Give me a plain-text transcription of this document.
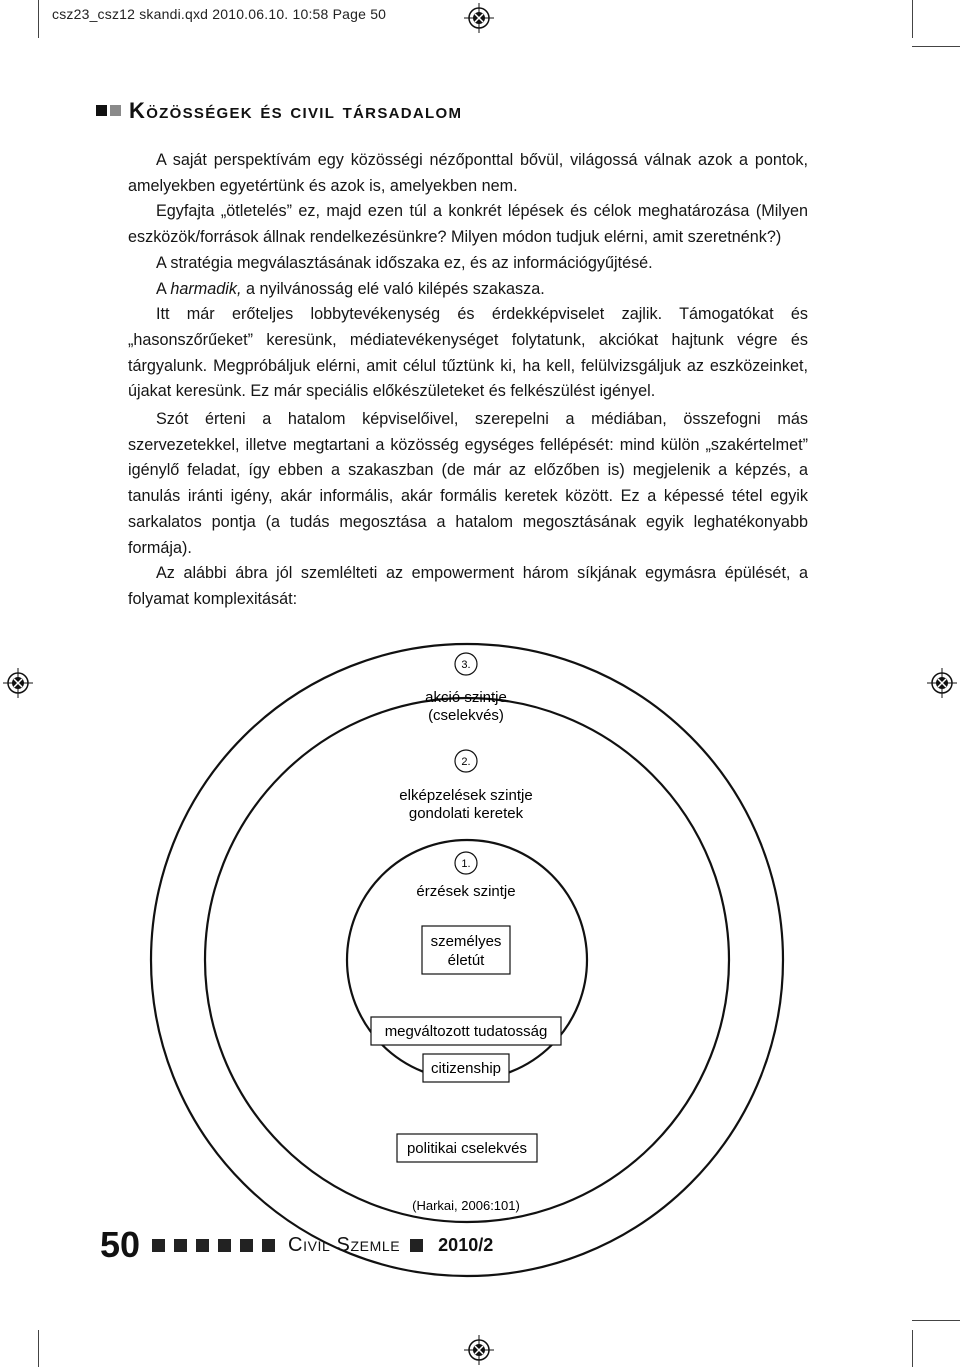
csz23_csz12 skandi.qxd 2010.06.10. 10:58 Page 50
Közösségek és civil társadalom

A saját perspektívám egy közösségi nézőponttal bővül, világossá válnak azok a pontok, amelyekben egyetértünk és azok is, amelyekben nem.

Egyfajta „ötletelés” ez, majd ezen túl a konkrét lépések és célok meghatározása (Milyen eszközök/források állnak rendelkezésünkre? Milyen módon tudjuk elérni, amit szeretnénk?)

A stratégia megválasztásának időszaka ez, és az információgyűjtésé.

A harmadik, a nyilvánosság elé való kilépés szakasza.

Itt már erőteljes lobbytevékenység és érdekképviselet zajlik. Támogatókat és „hasonszőrűeket” keresünk, médiatevékenységet folytatunk, akciókat hajtunk végre és tárgyalunk. Megpróbáljuk elérni, amit célul tűztünk ki, ha kell, felülvizsgáljuk az eszközeinket, újakat keresünk. Ez már speciális előkészületeket és felkészülést igényel.

Szót érteni a hatalom képviselőivel, szerepelni a médiában, összefogni más szervezetekkel, illetve megtartani a közösség egységes fellépését: mind külön „szakértelmet” igénylő feladat, így ebben a szakaszban (de már az előzőben is) megjelenik a képzés, a tanulás iránti igény, akár informális, akár formális keretek között. Ez a képessé tétel egyik sarkalatos pontja (a tudás megosztása a hatalom megosztásának egyik leghatékonyabb formája).

Az alábbi ábra jól szemlélteti az empowerment három síkjának egymásra épülését, a folyamat komplexitását:

3.
akció szintje
(cselekvés)
2.
elképzelések szintje
gondolati keretek
1.
érzések szintje
személyes
életút
megváltozott tudatosság
citizenship
politikai cselekvés
(Harkai, 2006:101)
50	Civil Szemle 2010/2
